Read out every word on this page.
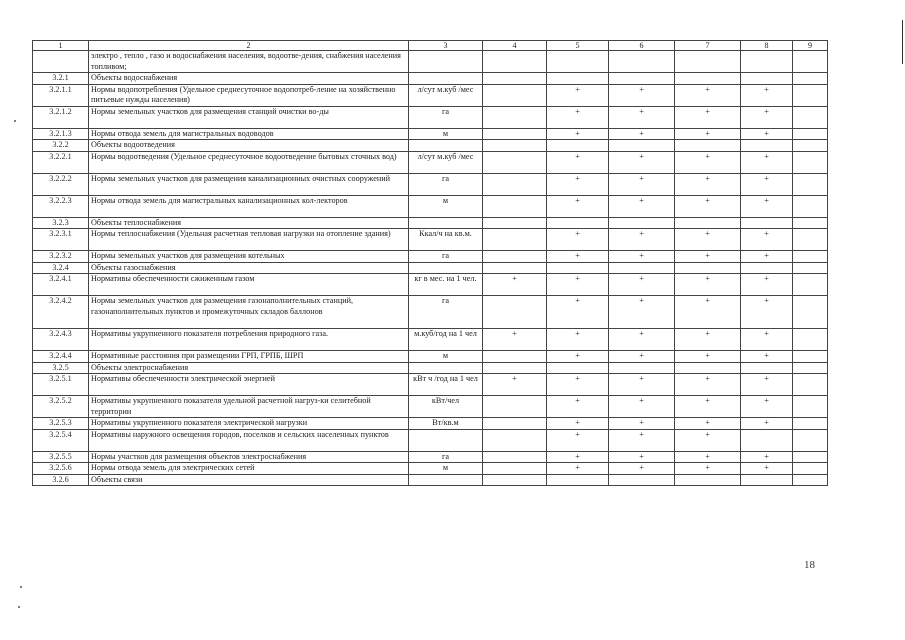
1	2	3	4	5	6	7	8	9
	электро , тепло , газо и водоснабжения населения, водоотве-дения, снабжения населения топливом;							
3.2.1	Объекты водоснабжения							
3.2.1.1	Нормы водопотребления (Удельное среднесуточное водопотреб-ление на хозяйственно питьевые нужды населения)	л/сут м.куб /мес		+	+	+	+	
3.2.1.2	Нормы земельных участков для размещения станций очистки во-ды	га		+	+	+	+	
3.2.1.3	Нормы отвода земель для магистральных водоводов	м		+	+	+	+	
3.2.2	Объекты водоотведения							
3.2.2.1	Нормы водоотведения (Удельное среднесуточное водоотведение бытовых сточных вод)	л/сут м.куб /мес		+	+	+	+	
3.2.2.2	Нормы земельных участков для размещения канализационных очистных сооружений	га		+	+	+	+	
3.2.2.3	Нормы отвода земель для магистральных канализационных кол-лекторов	м		+	+	+	+	
3.2.3	Объекты теплоснабжения							
3.2.3.1	Нормы теплоснабжения (Удельная расчетная тепловая нагрузки на отопление здания)	Ккал/ч на кв.м.		+	+	+	+	
3.2.3.2	Нормы земельных участков для размещения котельных	га		+	+	+	+	
3.2.4	Объекты газоснабжения							
3.2.4.1	Нормативы обеспеченности сжиженным газом	кг в мес. на 1 чел.	+	+	+	+	+	
3.2.4.2	Нормы земельных участков для размещения газонаполнительных станций, газонаполнительных пунктов и промежуточных складов баллонов	га		+	+	+	+	
3.2.4.3	Нормативы укрупненного показателя потребления природного газа.	м.куб/год на 1 чел	+	+	+	+	+	
3.2.4.4	Нормативные расстояния при размещении ГРП, ГРПБ, ШРП	м		+	+	+	+	
3.2.5	Объекты электроснабжения							
3.2.5.1	Нормативы обеспеченности электрической энергией	кВт ч /год на 1 чел	+	+	+	+	+	
3.2.5.2	Нормативы укрупненного показателя удельной расчетной нагруз-ки селитебной территории	кВт/чел		+	+	+	+	
3.2.5.3	Нормативы укрупненного показателя электрической нагрузки	Вт/кв.м		+	+	+	+	
3.2.5.4	Нормативы наружного освещения городов, поселков и сельских населенных пунктов			+	+	+		
3.2.5.5	Нормы участков для размещения объектов электроснабжения	га		+	+	+	+	
3.2.5.6	Нормы отвода земель для электрических сетей	м		+	+	+	+	
3.2.6	Объекты связи							
18
